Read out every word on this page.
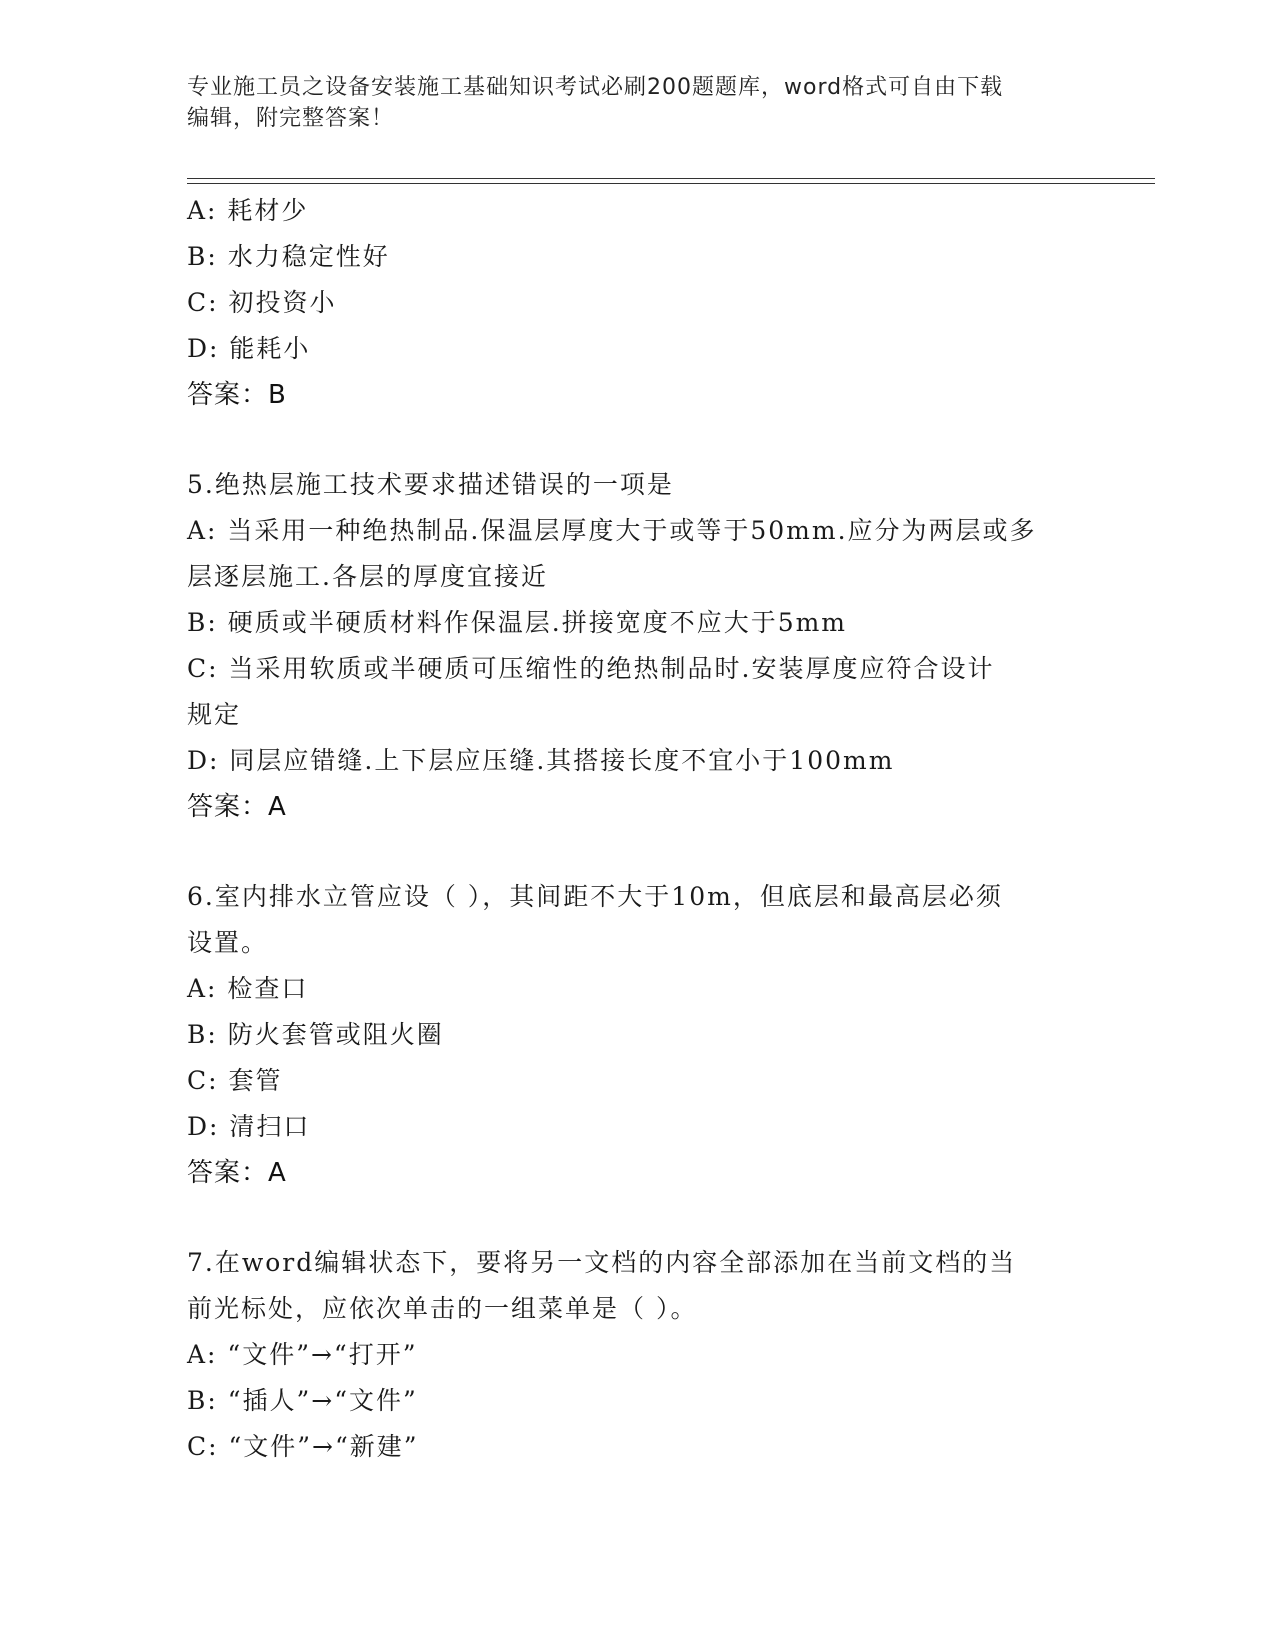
专业施工员之设备安装施工基础知识考试必刷200题题库，word格式可自由下载
编辑，附完整答案！
A: 耗材少
B: 水力稳定性好
C: 初投资小
D: 能耗小
答案：B
5.绝热层施工技术要求描述错误的一项是
A: 当采用一种绝热制品.保温层厚度大于或等于50mm.应分为两层或多
层逐层施工.各层的厚度宜接近
B: 硬质或半硬质材料作保温层.拼接宽度不应大于5mm
C: 当采用软质或半硬质可压缩性的绝热制品时.安装厚度应符合设计
规定
D: 同层应错缝.上下层应压缝.其搭接长度不宜小于100mm
答案：A
6.室内排水立管应设（ ），其间距不大于10m，但底层和最高层必须
设置。
A: 检查口
B: 防火套管或阻火圈
C: 套管
D: 清扫口
答案：A
7.在word编辑状态下，要将另一文档的内容全部添加在当前文档的当
前光标处，应依次单击的一组菜单是（ ）。
A: “文件”→“打开”
B: “插人”→“文件”
C: “文件”→“新建”
